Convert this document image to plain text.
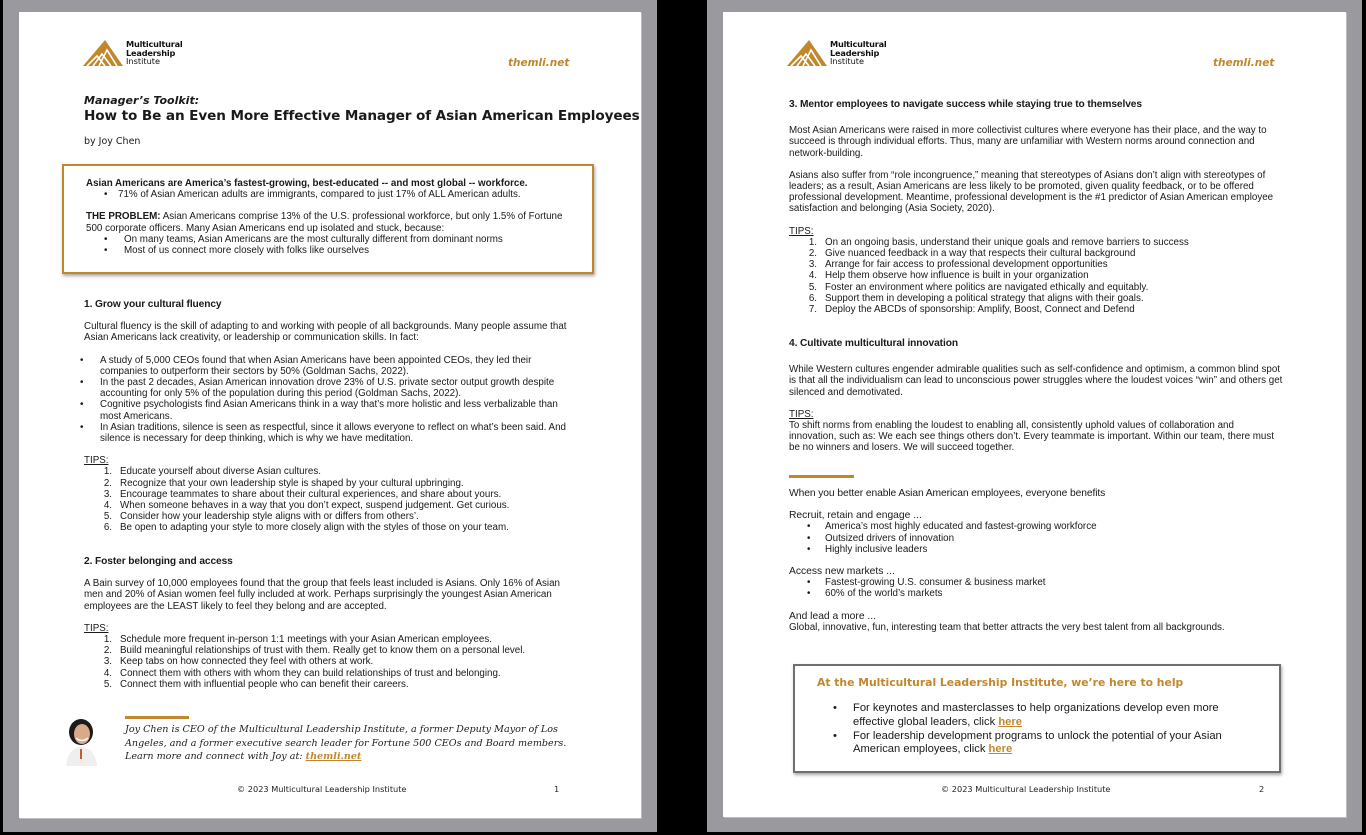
Multicultural
Leadership
Institute	themli.net
Manager’s Toolkit:
How to Be an Even More Effective Manager of Asian American Employees
by Joy Chen

Asian Americans are America’s fastest-growing, best-educated -- and most global -- workforce.

•	71% of Asian American adults are immigrants, compared to just 17% of ALL American adults.

THE PROBLEM: Asian Americans comprise 13% of the U.S. professional workforce, but only 1.5% of Fortune 500 corporate officers. Many Asian Americans end up isolated and stuck, because:

•	On many teams, Asian Americans are the most culturally different from dominant norms
•	Most of us connect more closely with folks like ourselves

1. Grow your cultural fluency

Cultural fluency is the skill of adapting to and working with people of all backgrounds. Many people assume that Asian Americans lack creativity, or leadership or communication skills. In fact:

•	A study of 5,000 CEOs found that when Asian Americans have been appointed CEOs, they led their companies to outperform their sectors by 50% (Goldman Sachs, 2022).
•	In the past 2 decades, Asian American innovation drove 23% of U.S. private sector output growth despite accounting for only 5% of the population during this period (Goldman Sachs, 2022).
•	Cognitive psychologists find Asian Americans think in a way that’s more holistic and less verbalizable than most Americans.
•	In Asian traditions, silence is seen as respectful, since it allows everyone to reflect on what’s been said. And silence is necessary for deep thinking, which is why we have meditation.

TIPS:

1. Educate yourself about diverse Asian cultures.
2. Recognize that your own leadership style is shaped by your cultural upbringing.
3. Encourage teammates to share about their cultural experiences, and share about yours.
4. When someone behaves in a way that you don’t expect, suspend judgement. Get curious.
5. Consider how your leadership style aligns with or differs from others’.
6. Be open to adapting your style to more closely align with the styles of those on your team.

2. Foster belonging and access

A Bain survey of 10,000 employees found that the group that feels least included is Asians. Only 16% of Asian men and 20% of Asian women feel fully included at work. Perhaps surprisingly the youngest Asian American employees are the LEAST likely to feel they belong and are accepted.

TIPS:

1. Schedule more frequent in-person 1:1 meetings with your Asian American employees.
2. Build meaningful relationships of trust with them. Really get to know them on a personal level.
3. Keep tabs on how connected they feel with others at work.
4. Connect them with others with whom they can build relationships of trust and belonging.
5. Connect them with influential people who can benefit their careers.
Joy Chen is CEO of the Multicultural Leadership Institute, a former Deputy Mayor of Los Angeles, and a former executive search leader for Fortune 500 CEOs and Board members. Learn more and connect with Joy at: themli.net
© 2023 Multicultural Leadership Institute	1
Multicultural
Leadership
Institute	themli.net

3. Mentor employees to navigate success while staying true to themselves

Most Asian Americans were raised in more collectivist cultures where everyone has their place, and the way to succeed is through individual efforts. Thus, many are unfamiliar with Western norms around connection and network-building.

Asians also suffer from “role incongruence,” meaning that stereotypes of Asians don’t align with stereotypes of leaders; as a result, Asian Americans are less likely to be promoted, given quality feedback, or to be offered professional development. Meantime, professional development is the #1 predictor of Asian American employee satisfaction and belonging (Asia Society, 2020).

TIPS:

1. On an ongoing basis, understand their unique goals and remove barriers to success
2. Give nuanced feedback in a way that respects their cultural background
3. Arrange for fair access to professional development opportunities
4. Help them observe how influence is built in your organization
5. Foster an environment where politics are navigated ethically and equitably.
6. Support them in developing a political strategy that aligns with their goals.
7. Deploy the ABCDs of sponsorship: Amplify, Boost, Connect and Defend

4. Cultivate multicultural innovation

While Western cultures engender admirable qualities such as self-confidence and optimism, a common blind spot is that all the individualism can lead to unconscious power struggles where the loudest voices “win” and others get silenced and demotivated.

TIPS:

To shift norms from enabling the loudest to enabling all, consistently uphold values of collaboration and innovation, such as: We each see things others don’t. Every teammate is important. Within our team, there must be no winners and losers. We will succeed together.

When you better enable Asian American employees, everyone benefits

Recruit, retain and engage ...

•	America’s most highly educated and fastest-growing workforce
•	Outsized drivers of innovation
•	Highly inclusive leaders

Access new markets ...

•	Fastest-growing U.S. consumer & business market
•	60% of the world’s markets

And lead a more ...

Global, innovative, fun, interesting team that better attracts the very best talent from all backgrounds.

At the Multicultural Leadership Institute, we’re here to help
•	For keynotes and masterclasses to help organizations develop even more effective global leaders, click here
•	For leadership development programs to unlock the potential of your Asian American employees, click here
© 2023 Multicultural Leadership Institute	2
